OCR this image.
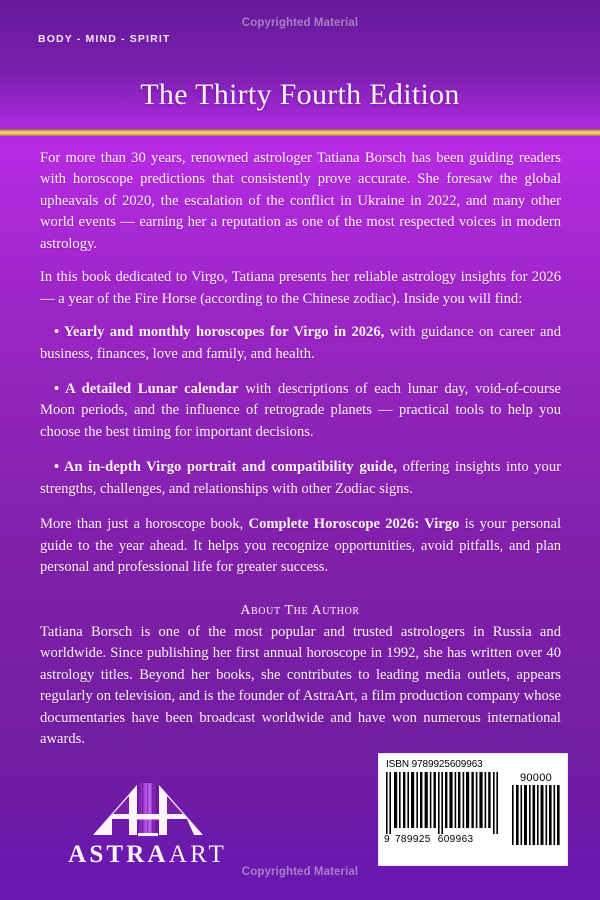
Copyrighted Material
BODY - MIND - SPIRIT
The Thirty Fourth Edition

For more than 30 years, renowned astrologer Tatiana Borsch has been guiding readers with horoscope predictions that consistently prove accurate. She foresaw the global upheavals of 2020, the escalation of the conflict in Ukraine in 2022, and many other world events — earning her a reputation as one of the most respected voices in modern astrology.

In this book dedicated to Virgo, Tatiana presents her reliable astrology insights for 2026 — a year of the Fire Horse (according to the Chinese zodiac). Inside you will find:

• Yearly and monthly horoscopes for Virgo in 2026, with guidance on career and business, finances, love and family, and health.

• A detailed Lunar calendar with descriptions of each lunar day, void-of-course Moon periods, and the influence of retrograde planets — practical tools to help you choose the best timing for important decisions.

• An in-depth Virgo portrait and compatibility guide, offering insights into your strengths, challenges, and relationships with other Zodiac signs.

More than just a horoscope book, Complete Horoscope 2026: Virgo is your personal guide to the year ahead. It helps you recognize opportunities, avoid pitfalls, and plan personal and professional life for greater success.

About The Author
Tatiana Borsch is one of the most popular and trusted astrologers in Russia and worldwide. Since publishing her first annual horoscope in 1992, she has written over 40 astrology titles. Beyond her books, she contributes to leading media outlets, appears regularly on television, and is the founder of AstraArt, a film production company whose documentaries have been broadcast worldwide and have won numerous international awards.
ASTRAART
ISBN 9789925609963
9 789925 609963
90000
Copyrighted Material
